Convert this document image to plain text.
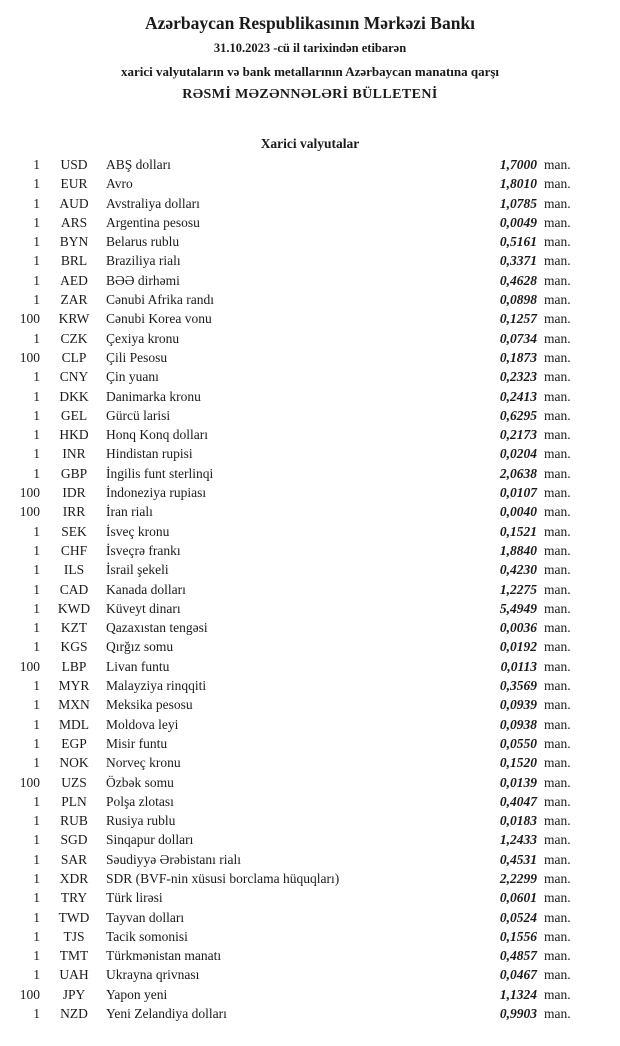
Azərbaycan Respublikasının Mərkəzi Bankı
31.10.2023 -cü il tarixindən etibarən
xarici valyutaların və bank metallarının Azərbaycan manatına qarşı
RƏSMİ MƏZƏNNƏLƏRİ BÜLLETENİ
Xarici valyutalar
1	USD	ABŞ dolları	1,7000 man.
1	EUR	Avro	1,8010 man.
1	AUD	Avstraliya dolları	1,0785 man.
1	ARS	Argentina pesosu	0,0049 man.
1	BYN	Belarus rublu	0,5161 man.
1	BRL	Braziliya rialı	0,3371 man.
1	AED	BƏƏ dirhəmi	0,4628 man.
1	ZAR	Cənubi Afrika randı	0,0898 man.
100	KRW	Cənubi Korea vonu	0,1257 man.
1	CZK	Çexiya kronu	0,0734 man.
100	CLP	Çili Pesosu	0,1873 man.
1	CNY	Çin yuanı	0,2323 man.
1	DKK	Danimarka kronu	0,2413 man.
1	GEL	Gürcü larisi	0,6295 man.
1	HKD	Honq Konq dolları	0,2173 man.
1	INR	Hindistan rupisi	0,0204 man.
1	GBP	İngilis funt sterlinqi	2,0638 man.
100	IDR	İndoneziya rupiası	0,0107 man.
100	IRR	İran rialı	0,0040 man.
1	SEK	İsveç kronu	0,1521 man.
1	CHF	İsveçrə frankı	1,8840 man.
1	ILS	İsrail şekeli	0,4230 man.
1	CAD	Kanada dolları	1,2275 man.
1	KWD	Küveyt dinarı	5,4949 man.
1	KZT	Qazaxıstan tengəsi	0,0036 man.
1	KGS	Qırğız somu	0,0192 man.
100	LBP	Livan funtu	0,0113 man.
1	MYR	Malayziya rinqqiti	0,3569 man.
1	MXN	Meksika pesosu	0,0939 man.
1	MDL	Moldova leyi	0,0938 man.
1	EGP	Misir funtu	0,0550 man.
1	NOK	Norveç kronu	0,1520 man.
100	UZS	Özbək somu	0,0139 man.
1	PLN	Polşa zlotası	0,4047 man.
1	RUB	Rusiya rublu	0,0183 man.
1	SGD	Sinqapur dolları	1,2433 man.
1	SAR	Səudiyyə Ərəbistanı rialı	0,4531 man.
1	XDR	SDR (BVF-nin xüsusi borclama hüquqları)	2,2299 man.
1	TRY	Türk lirəsi	0,0601 man.
1	TWD	Tayvan dolları	0,0524 man.
1	TJS	Tacik somonisi	0,1556 man.
1	TMT	Türkmənistan manatı	0,4857 man.
1	UAH	Ukrayna qrivnası	0,0467 man.
100	JPY	Yapon yeni	1,1324 man.
1	NZD	Yeni Zelandiya dolları	0,9903 man.
